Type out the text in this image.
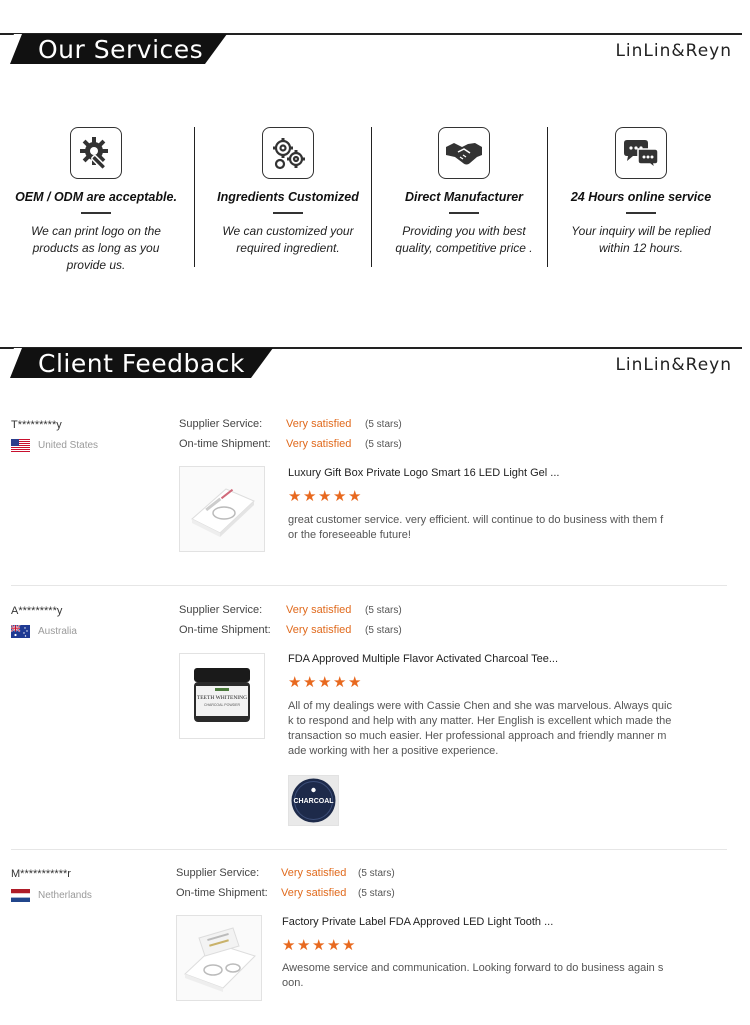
Our Services	LinLin&Reyn
OEM / ODM are acceptable.
We can print logo on the
products as long as you
provide us.
Ingredients Customized
We can customized your
required ingredient.
Direct Manufacturer
Providing you with best
quality, competitive price .
24 Hours online service
Your inquiry will be replied
within 12 hours.
Client Feedback	LinLin&Reyn
T*********y
United States
Supplier Service: Very satisfied (5 stars)
On-time Shipment: Very satisfied (5 stars)
Luxury Gift Box Private Logo Smart 16 LED Light Gel ...
★★★★★
great customer service. very efficient. will continue to do business with them f
or the foreseeable future!
A*********y
Australia
Supplier Service: Very satisfied (5 stars)
On-time Shipment: Very satisfied (5 stars)
TEETH WHITENING
CHARCOAL POWDER
FDA Approved Multiple Flavor Activated Charcoal Tee...
★★★★★
All of my dealings were with Cassie Chen and she was marvelous. Always quic
k to respond and help with any matter. Her English is excellent which made the
transaction so much easier. Her professional approach and friendly manner m
ade working with her a positive experience.
CHARCOAL
M***********r
Netherlands
Supplier Service: Very satisfied (5 stars)
On-time Shipment: Very satisfied (5 stars)
Factory Private Label FDA Approved LED Light Tooth ...
★★★★★
Awesome service and communication. Looking forward to do business again s
oon.
